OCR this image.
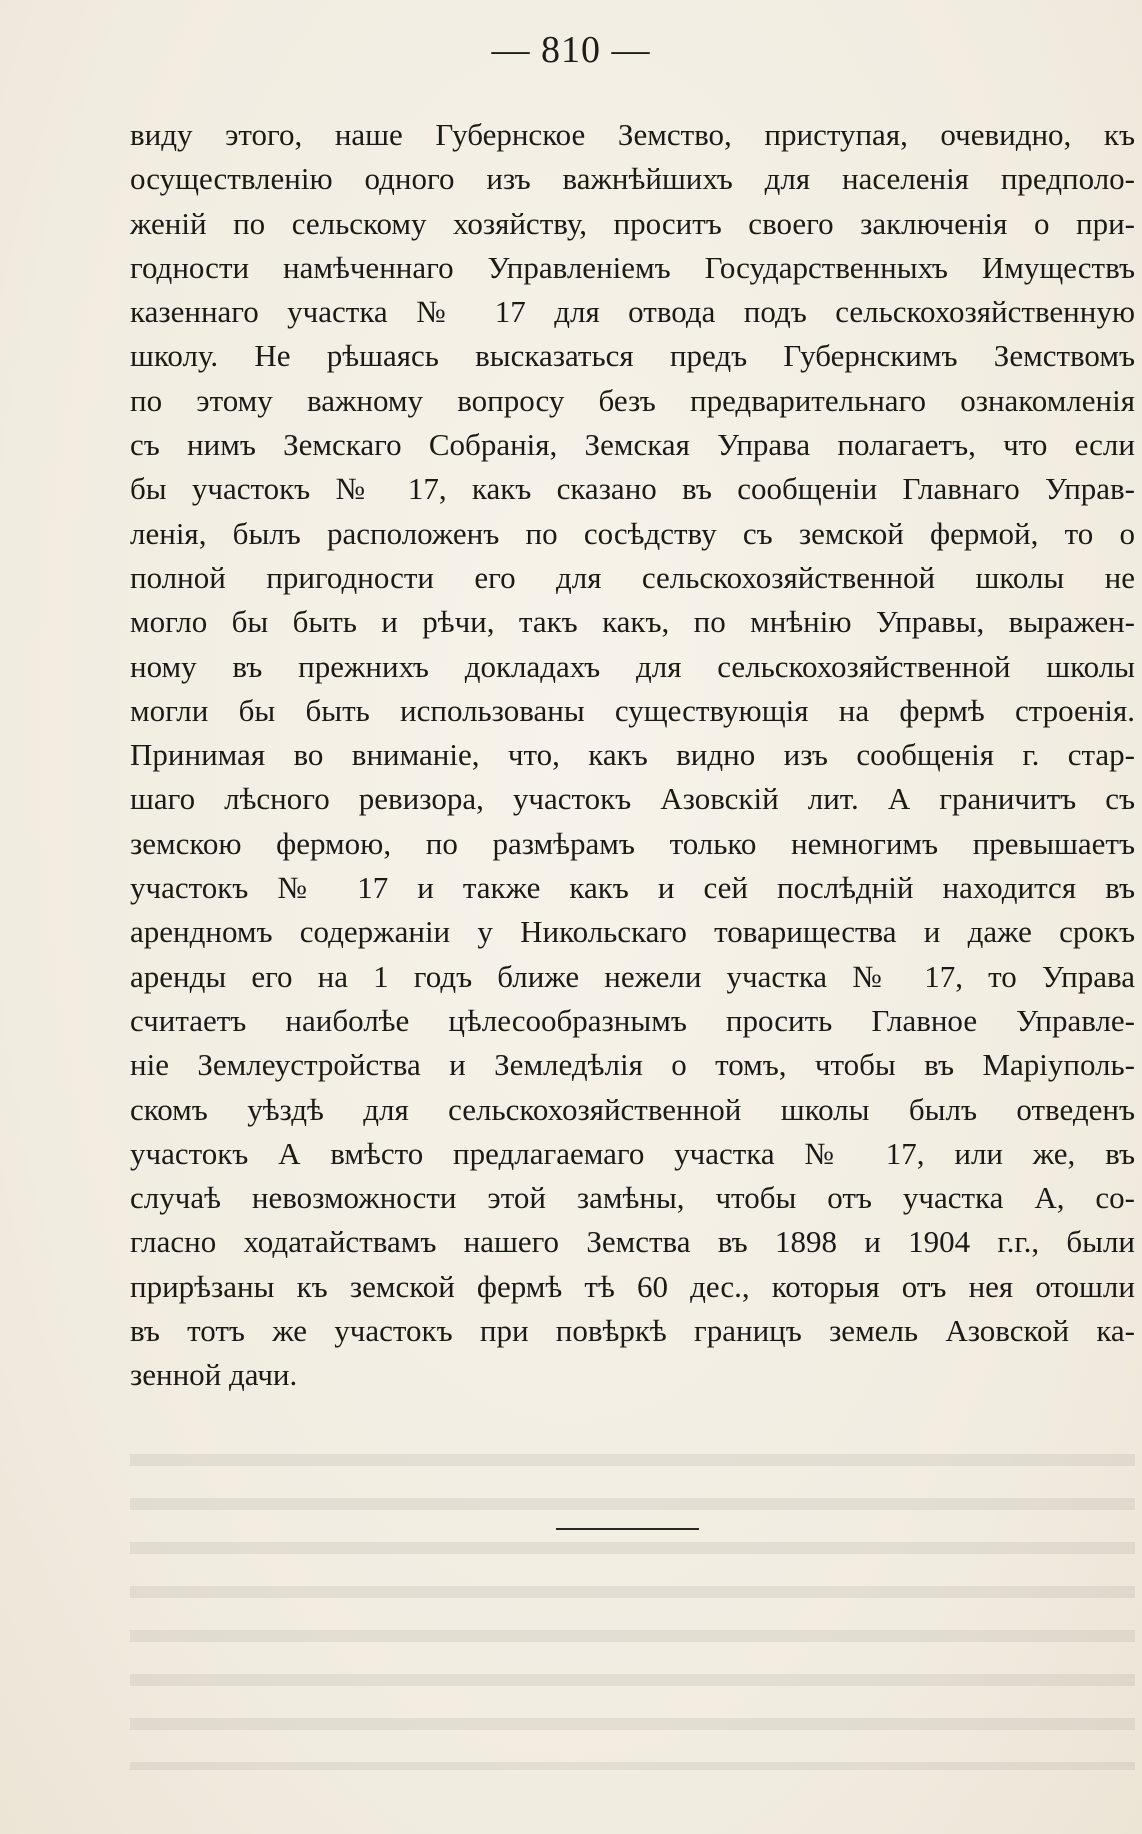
— 810 —
виду этого, наше Губернское Земство, приступая, очевидно, къ
осуществленію одного изъ важнѣйшихъ для населенія предполо-
женій по сельскому хозяйству, проситъ своего заключенія о при-
годности намѣченнаго Управленіемъ Государственныхъ Имуществъ
казеннаго участка № 17 для отвода подъ сельскохозяйственную
школу. Не рѣшаясь высказаться предъ Губернскимъ Земствомъ
по этому важному вопросу безъ предварительнаго ознакомленія
съ нимъ Земскаго Собранія, Земская Управа полагаетъ, что если
бы участокъ № 17, какъ сказано въ сообщеніи Главнаго Управ-
ленія, былъ расположенъ по сосѣдству съ земской фермой, то о
полной пригодности его для сельскохозяйственной школы не
могло бы быть и рѣчи, такъ какъ, по мнѣнію Управы, выражен-
ному въ прежнихъ докладахъ для сельскохозяйственной школы
могли бы быть использованы существующія на фермѣ строенія.
Принимая во вниманіе, что, какъ видно изъ сообщенія г. стар-
шаго лѣсного ревизора, участокъ Азовскій лит. А граничитъ съ
земскою фермою, по размѣрамъ только немногимъ превышаетъ
участокъ № 17 и также какъ и сей послѣдній находится въ
арендномъ содержаніи у Никольскаго товарищества и даже срокъ
аренды его на 1 годъ ближе нежели участка № 17, то Управа
считаетъ наиболѣе цѣлесообразнымъ просить Главное Управле-
ніе Землеустройства и Земледѣлія о томъ, чтобы въ Маріуполь-
скомъ уѣздѣ для сельскохозяйственной школы былъ отведенъ
участокъ А вмѣсто предлагаемаго участка № 17, или же, въ
случаѣ невозможности этой замѣны, чтобы отъ участка А, со-
гласно ходатайствамъ нашего Земства въ 1898 и 1904 г.г., были
прирѣзаны къ земской фермѣ тѣ 60 дес., которыя отъ нея отошли
въ тотъ же участокъ при повѣркѣ границъ земель Азовской ка-
зенной дачи.
